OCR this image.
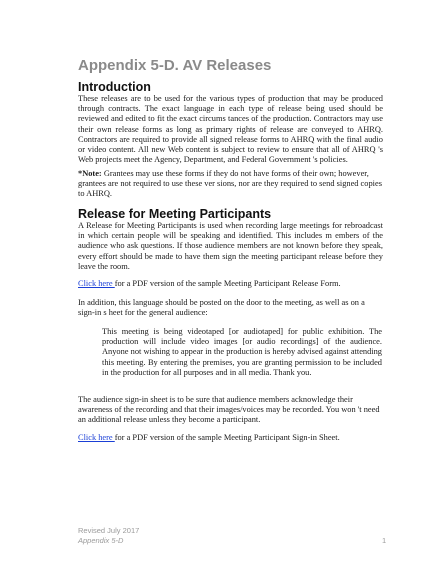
Appendix 5-D. AV Releases
Introduction

These releases are to be used for the various types of production that may be produced through contracts. The exact language in each type of release being used should be reviewed and edited to fit the exact circums tances of the production. Contractors may use their own release forms as long as primary rights of release are conveyed to AHRQ. Contractors are required to provide all signed release forms to AHRQ with the final audio or video content. All new Web content is subject to review to ensure that all of AHRQ 's Web projects meet the Agency, Department, and Federal Government 's policies.

*Note: Grantees may use these forms if they do not have forms of their own; however, grantees are not required to use these ver sions, nor are they required to send signed copies to AHRQ.

Release for Meeting Participants

A Release for Meeting Participants is used when recording large meetings for rebroadcast in which certain people will be speaking and identified. This includes m embers of the audience who ask questions. If those audience members are not known before they speak, every effort should be made to have them sign the meeting participant release before they leave the room.

Click here for a PDF version of the sample Meeting Participant Release Form.

In addition, this language should be posted on the door to the meeting, as well as on a sign-in s heet for the general audience:

This meeting is being videotaped [or audiotaped] for public exhibition. The production will include video images [or audio recordings] of the audience. Anyone not wishing to appear in the production is hereby advised against attending this meeting. By entering the premises, you are granting permission to be included in the production for all purposes and in all media. Thank you.

The audience sign-in sheet is to be sure that audience members acknowledge their awareness of the recording and that their images/voices may be recorded. You won 't need an additional release unless they become a participant.

Click here for a PDF version of the sample Meeting Participant Sign-in Sheet.

Revised July 2017
Appendix 5-D	1
